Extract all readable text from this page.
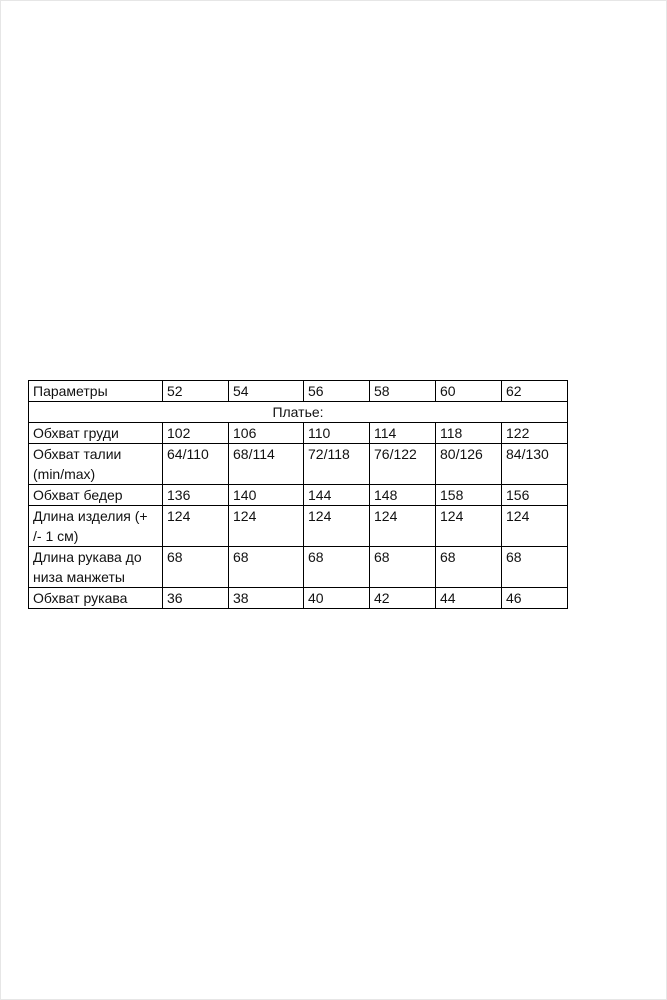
Параметры	52	54	56	58	60	62
Платье:						
Обхват груди	102	106	110	114	118	122
Обхват талии (min/max)	64/110	68/114	72/118	76/122	80/126	84/130
Обхват бедер	136	140	144	148	158	156
Длина изделия (+ /- 1 см)	124	124	124	124	124	124
Длина рукава до низа манжеты	68	68	68	68	68	68
Обхват рукава	36	38	40	42	44	46
